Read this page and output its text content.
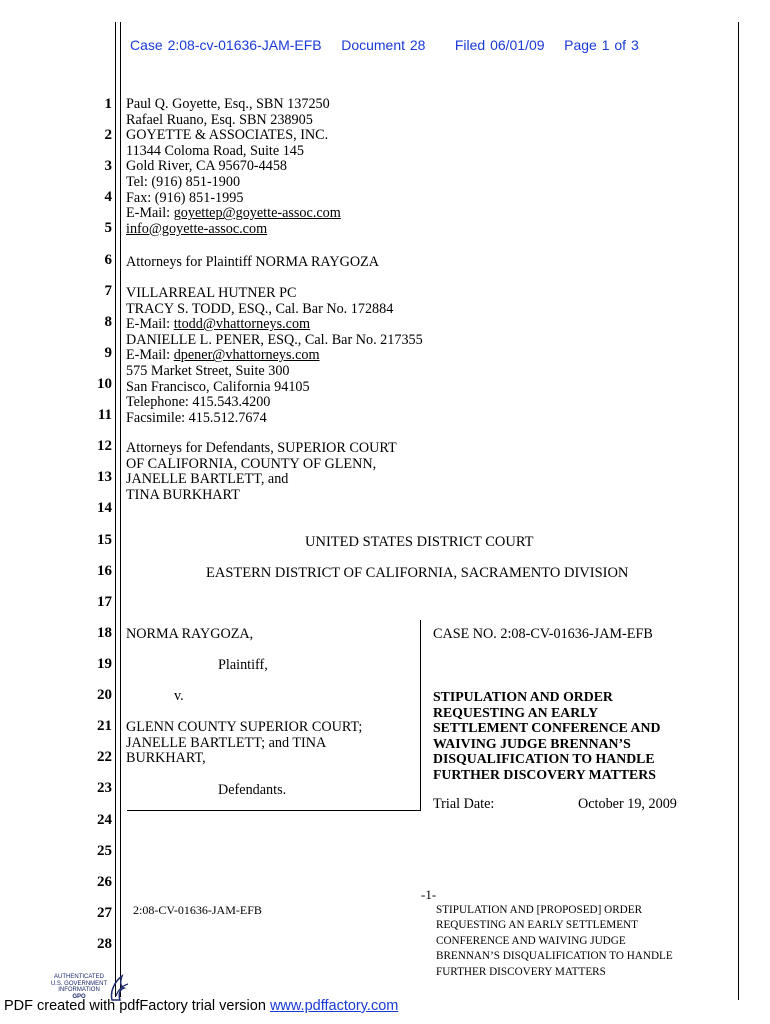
Case 2:08-cv-01636-JAM-EFB Document 28 Filed 06/01/09 Page 1 of 3
1
2
3
4
5
6
7
8
9
10
11
12
13
14
15
16
17
18
19
20
21
22
23
24
25
26
27
28
Paul Q. Goyette, Esq., SBN 137250
Rafael Ruano, Esq. SBN 238905
GOYETTE & ASSOCIATES, INC.
11344 Coloma Road, Suite 145
Gold River, CA 95670-4458
Tel: (916) 851-1900
Fax: (916) 851-1995
E-Mail: goyettep@goyette-assoc.com
info@goyette-assoc.com
Attorneys for Plaintiff NORMA RAYGOZA
VILLARREAL HUTNER PC
TRACY S. TODD, ESQ., Cal. Bar No. 172884
E-Mail: ttodd@vhattorneys.com
DANIELLE L. PENER, ESQ., Cal. Bar No. 217355
E-Mail: dpener@vhattorneys.com
575 Market Street, Suite 300
San Francisco, California 94105
Telephone: 415.543.4200
Facsimile: 415.512.7674
Attorneys for Defendants, SUPERIOR COURT
OF CALIFORNIA, COUNTY OF GLENN,
JANELLE BARTLETT, and
TINA BURKHART
UNITED STATES DISTRICT COURT
EASTERN DISTRICT OF CALIFORNIA, SACRAMENTO DIVISION
NORMA RAYGOZA,
Plaintiff,
v.
GLENN COUNTY SUPERIOR COURT;
JANELLE BARTLETT; and TINA
BURKHART,
Defendants.
CASE NO. 2:08-CV-01636-JAM-EFB
STIPULATION AND ORDER
REQUESTING AN EARLY
SETTLEMENT CONFERENCE AND
WAIVING JUDGE BRENNAN’S
DISQUALIFICATION TO HANDLE
FURTHER DISCOVERY MATTERS
Trial Date:	October 19, 2009
-1-
2:08-CV-01636-JAM-EFB	STIPULATION AND [PROPOSED] ORDER
REQUESTING AN EARLY SETTLEMENT
CONFERENCE AND WAIVING JUDGE
BRENNAN’S DISQUALIFICATION TO HANDLE
FURTHER DISCOVERY MATTERS
AUTHENTICATED
U.S. GOVERNMENT
INFORMATION
GPO
PDF created with pdfFactory trial version www.pdffactory.com
